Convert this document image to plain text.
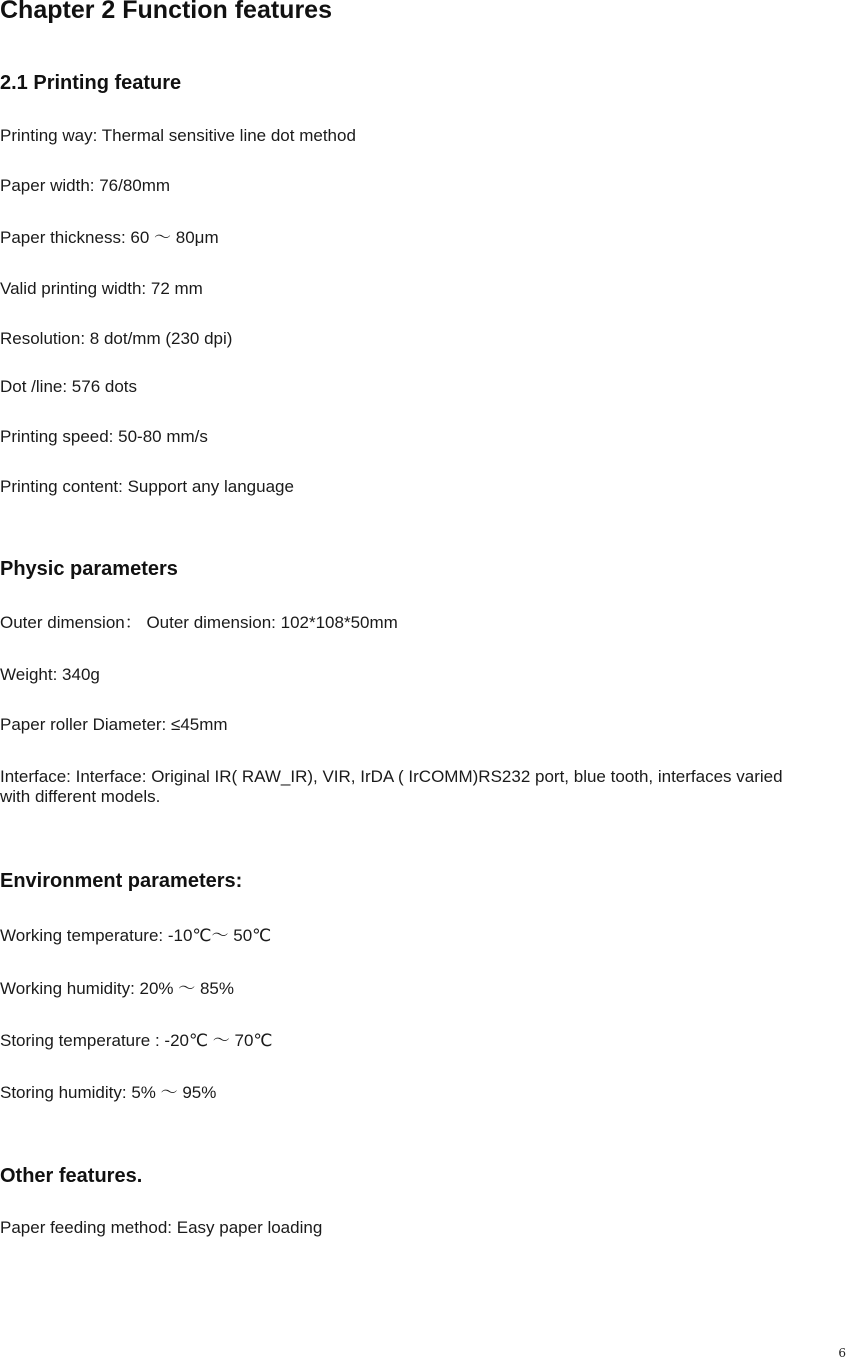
Chapter 2 Function features
2.1 Printing feature

Printing way: Thermal sensitive line dot method

Paper width: 76/80mm

Paper thickness: 60 ～ 80μm

Valid printing width: 72 mm

Resolution: 8 dot/mm (230 dpi)

Dot /line: 576 dots

Printing speed: 50-80 mm/s

Printing content: Support any language

Physic parameters

Outer dimension： Outer dimension: 102*108*50mm

Weight: 340g

Paper roller Diameter: ≤45mm

Interface: Interface: Original IR( RAW_IR), VIR, IrDA ( IrCOMM)RS232 port, blue tooth, interfaces varied with different models.

Environment parameters:

Working temperature: -10℃～ 50℃

Working humidity: 20% ～ 85%

Storing temperature : -20℃ ～ 70℃

Storing humidity: 5% ～ 95%

Other features.

Paper feeding method: Easy paper loading

6
